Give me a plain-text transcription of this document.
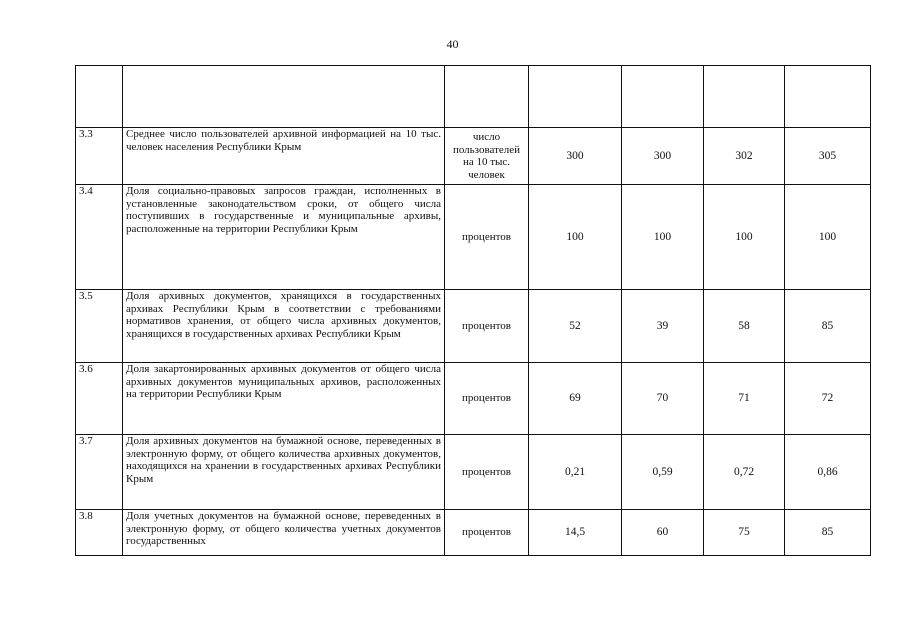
40

3.3	Среднее число пользователей архивной информацией на 10 тыс. человек населения Республики Крым	число пользователей на 10 тыс. человек	300	300	302	305
3.4	Доля социально-правовых запросов граждан, исполненных в установленные законодательством сроки, от общего числа поступивших в государственные и муниципальные архивы, расположенные на территории Республики Крым	процентов	100	100	100	100
3.5	Доля архивных документов, хранящихся в государственных архивах Республики Крым в соответствии с требованиями нормативов хранения, от общего числа архивных документов, хранящихся в государственных архивах Республики Крым	процентов	52	39	58	85
3.6	Доля закартонированных архивных документов от общего числа архивных документов муниципальных архивов, расположенных на территории Республики Крым	процентов	69	70	71	72
3.7	Доля архивных документов на бумажной основе, переведенных в электронную форму, от общего количества архивных документов, находящихся на хранении в государственных архивах Республики Крым	процентов	0,21	0,59	0,72	0,86
3.8	Доля учетных документов на бумажной основе, переведенных в электронную форму, от общего количества учетных документов государственных	процентов	14,5	60	75	85
